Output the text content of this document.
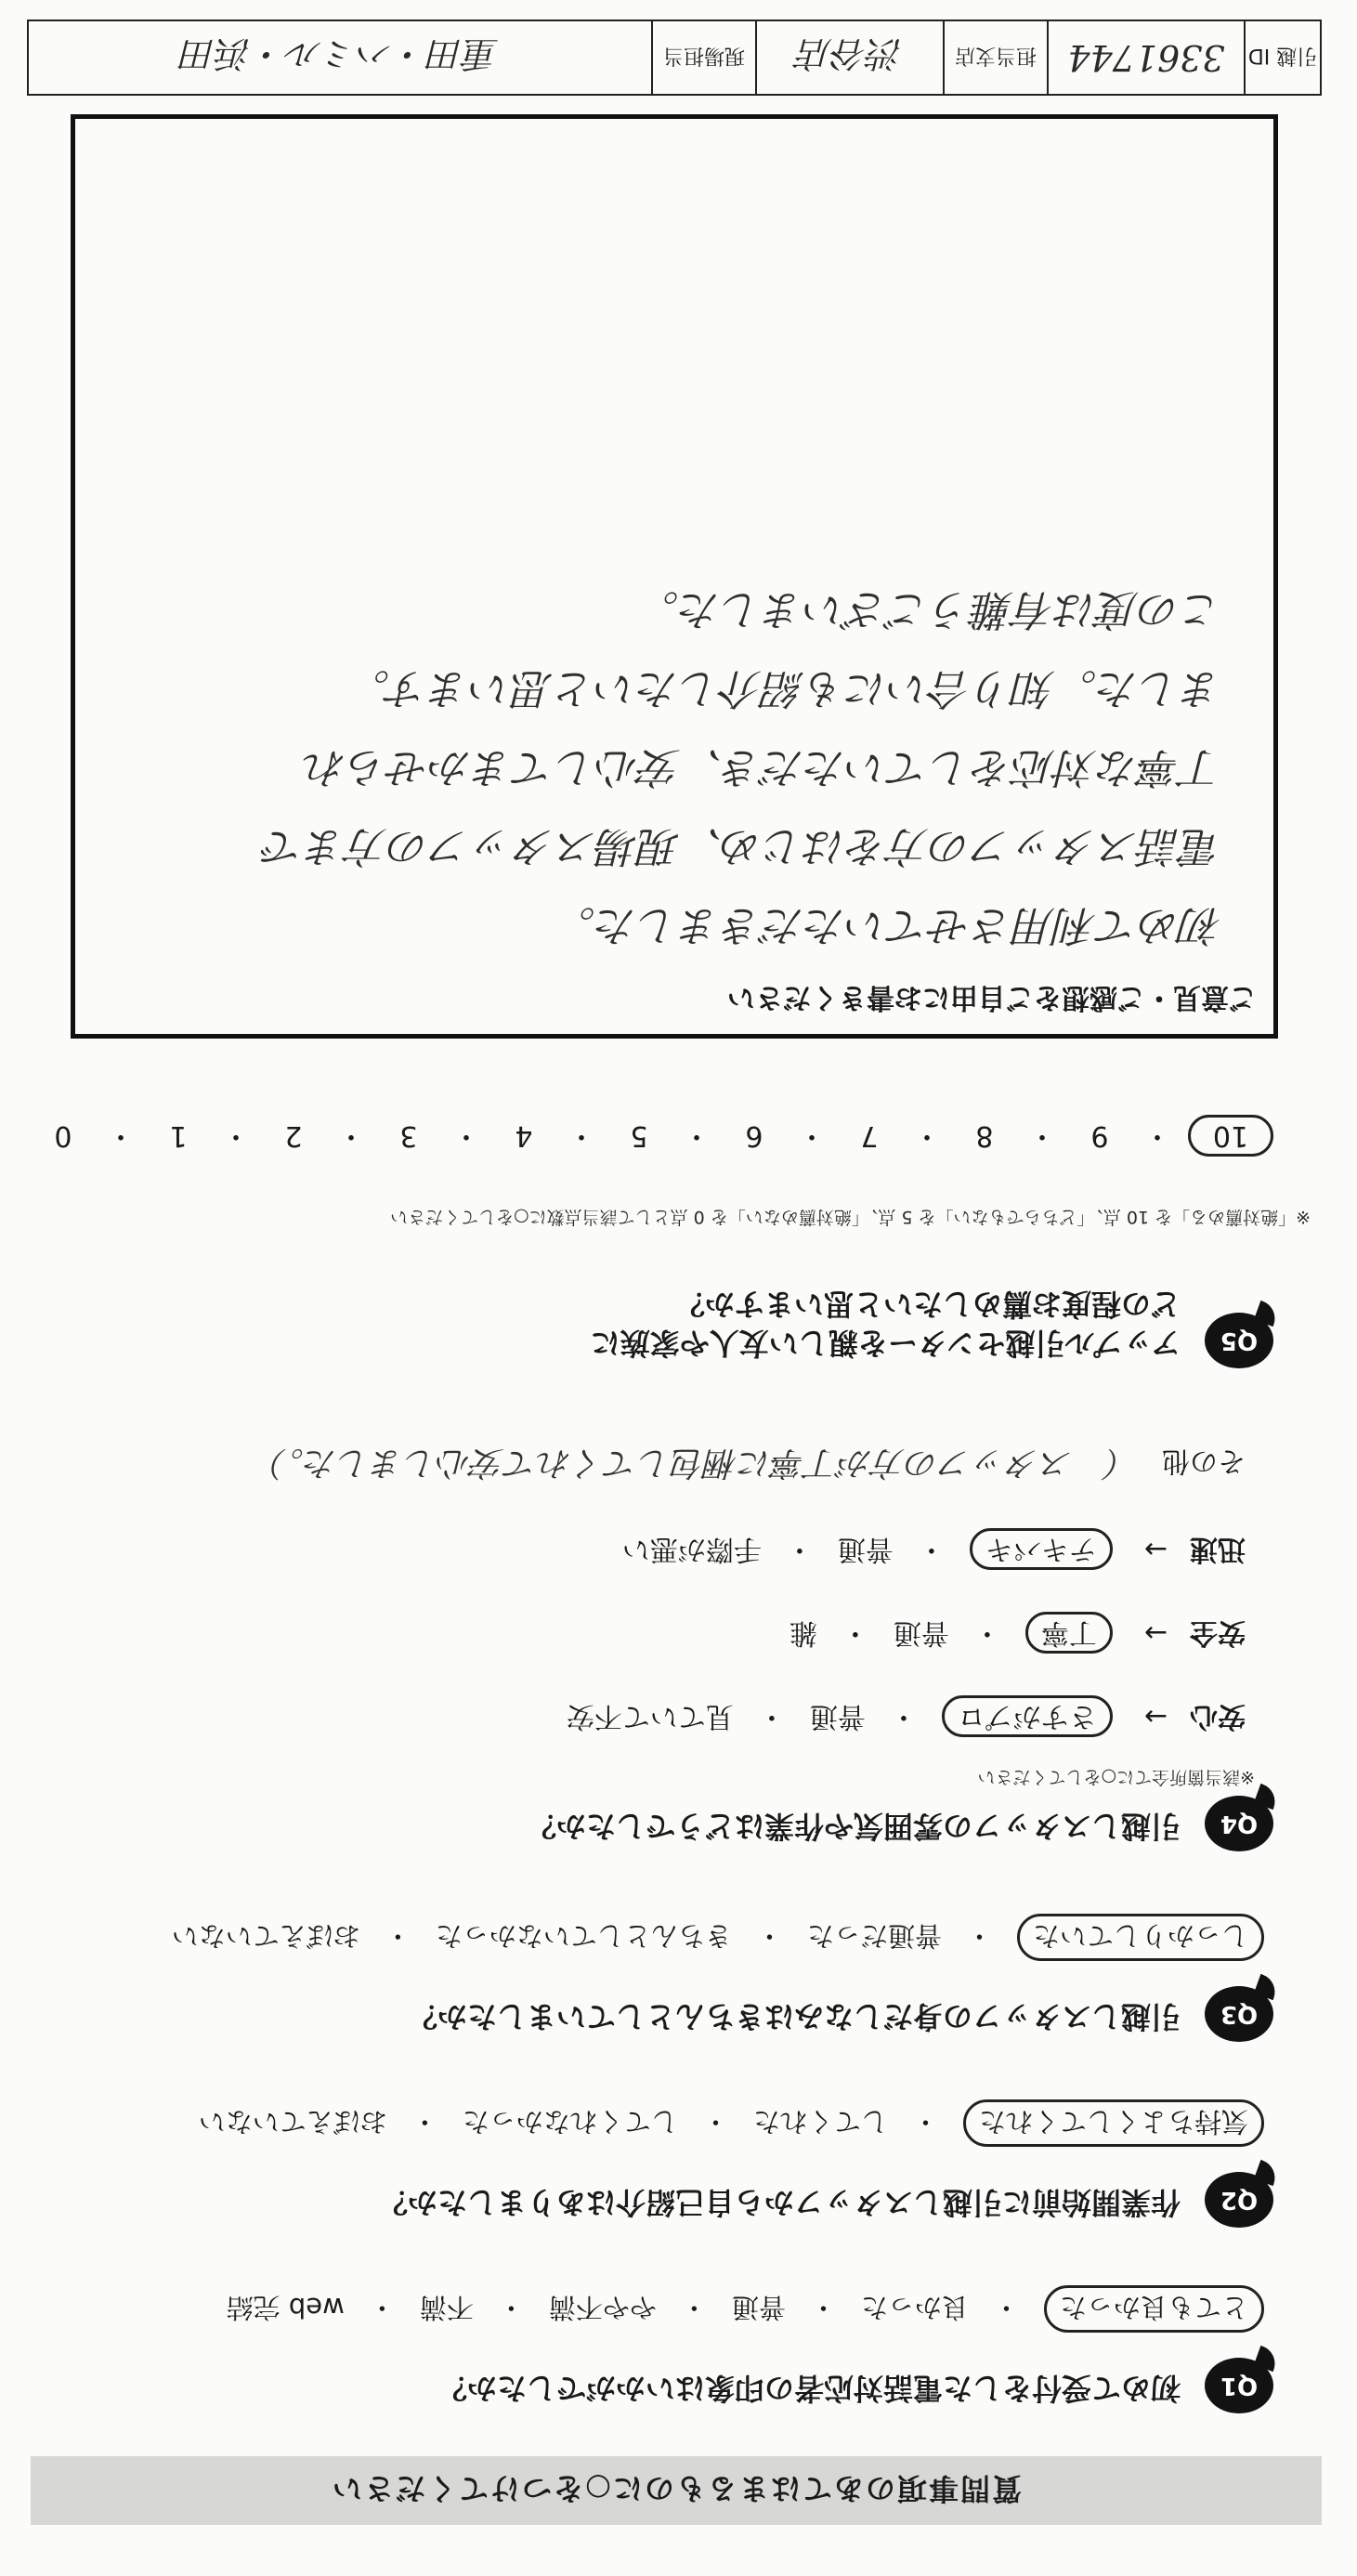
質問事項のあてはまるものに○をつけてください
Q1
初めて受付をした電話対応者の印象はいかがでしたか？
とても良かった・良かった・普通・やや不満・不満・web 完結
Q2
作業開始前に引越しスタッフから自己紹介はありましたか？
気持ちよくしてくれた・してくれた・してくれなかった・おぼえていない
Q3
引越しスタッフの身だしなみはきちんとしていましたか？
しっかりしていた・普通だった・きちんとしていなかった・おぼえていない
Q4
引越しスタッフの雰囲気や作業はどうでしたか？
※該当箇所全てに○をしてください
安心→さすがプロ・普通・見ていて不安
安全→丁寧・普通・雑
迅速→テキパキ・普通・手際が悪い
その他（　スタッフの方が丁寧に梱包してくれて安心しました。）
Q5
アップル引越センターを親しい友人や家族に
どの程度お薦めしたいと思いますか？
※「絶対薦める」を 10 点、「どちらでもない」を 5 点、「絶対薦めない」を 0 点として該当点数に○をしてください
10・9・8・7・6・5・4・3・2・1・0
ご意見・ご感想をご自由にお書きください
初めて利用させていただきました。
電話スタッフの方をはじめ、現場スタッフの方まで
丁寧な対応をしていただき、安心してまかせられ
ました。知り合いにも紹介したいと思います。
この度は有難うございました。
引越 ID
3361744
担当支店
渋谷店
現場担当
重田・ハミル・浜田
